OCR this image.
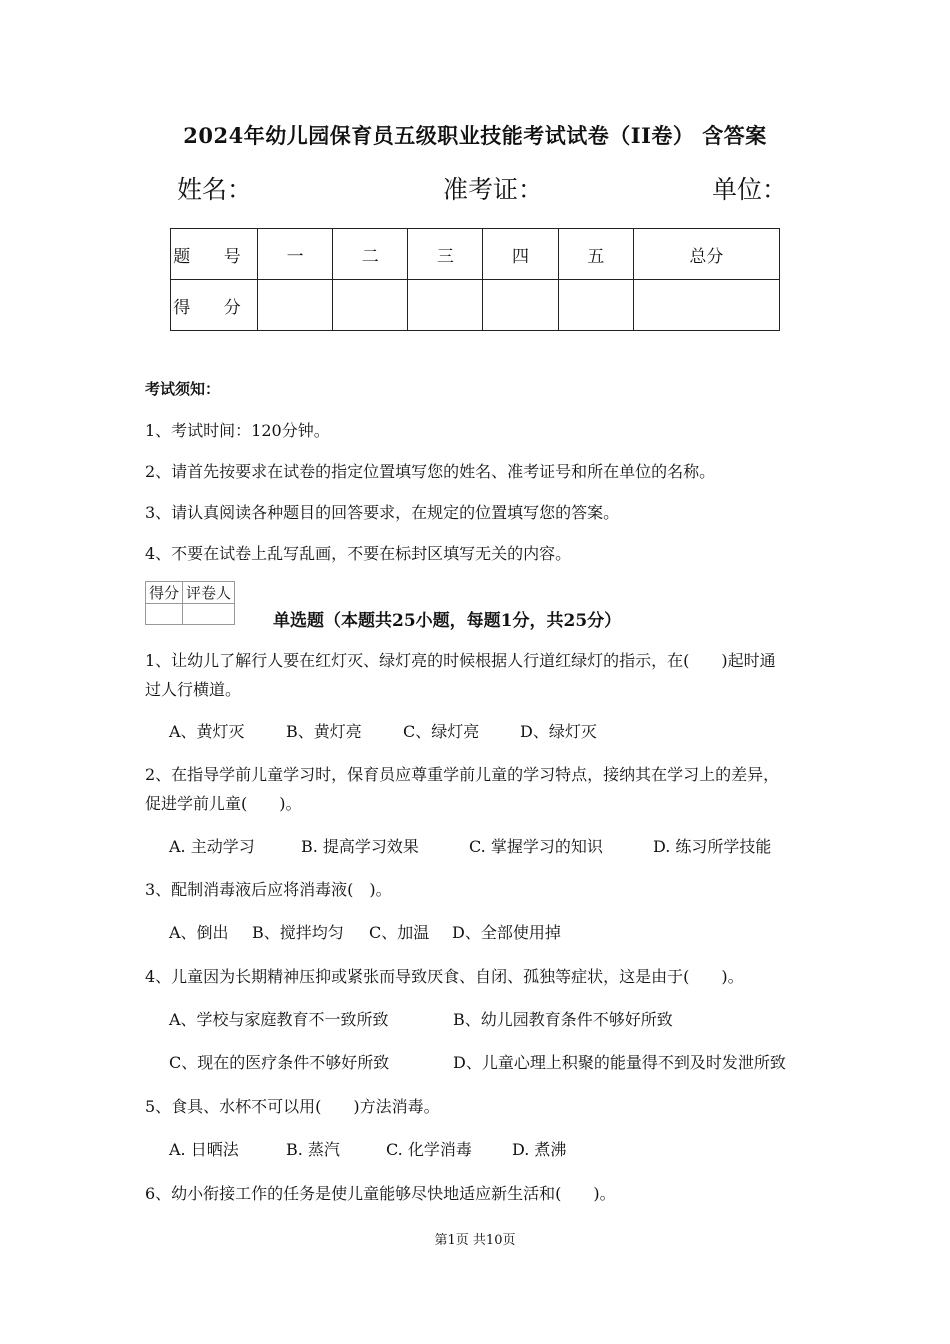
2024年幼儿园保育员五级职业技能考试试卷（II卷） 含答案
姓名：	准考证：	单位：
题 号	一	二	三	四	五	总分
得 分						
考试须知：
1、考试时间：120分钟。
2、请首先按要求在试卷的指定位置填写您的姓名、准考证号和所在单位的名称。
3、请认真阅读各种题目的回答要求，在规定的位置填写您的答案。
4、不要在试卷上乱写乱画，不要在标封区填写无关的内容。
得分	评卷人

单选题（本题共25小题，每题1分，共25分）
1、让幼儿了解行人要在红灯灭、绿灯亮的时候根据人行道红绿灯的指示，在(　　)起时通
过人行横道。
A、黄灯灭	B、黄灯亮	C、绿灯亮	D、绿灯灭
2、在指导学前儿童学习时，保育员应尊重学前儿童的学习特点，接纳其在学习上的差异，
促进学前儿童(　　)。
A. 主动学习	B. 提高学习效果	C. 掌握学习的知识	D. 练习所学技能
3、配制消毒液后应将消毒液(　)。
A、倒出 B、搅拌均匀 C、加温 D、全部使用掉
4、儿童因为长期精神压抑或紧张而导致厌食、自闭、孤独等症状，这是由于(　　)。
A、学校与家庭教育不一致所致	B、幼儿园教育条件不够好所致
C、现在的医疗条件不够好所致	D、儿童心理上积聚的能量得不到及时发泄所致
5、食具、水杯不可以用(　　)方法消毒。
A. 日晒法	B. 蒸汽	C. 化学消毒	D. 煮沸
6、幼小衔接工作的任务是使儿童能够尽快地适应新生活和(　　)。
第1页 共10页
